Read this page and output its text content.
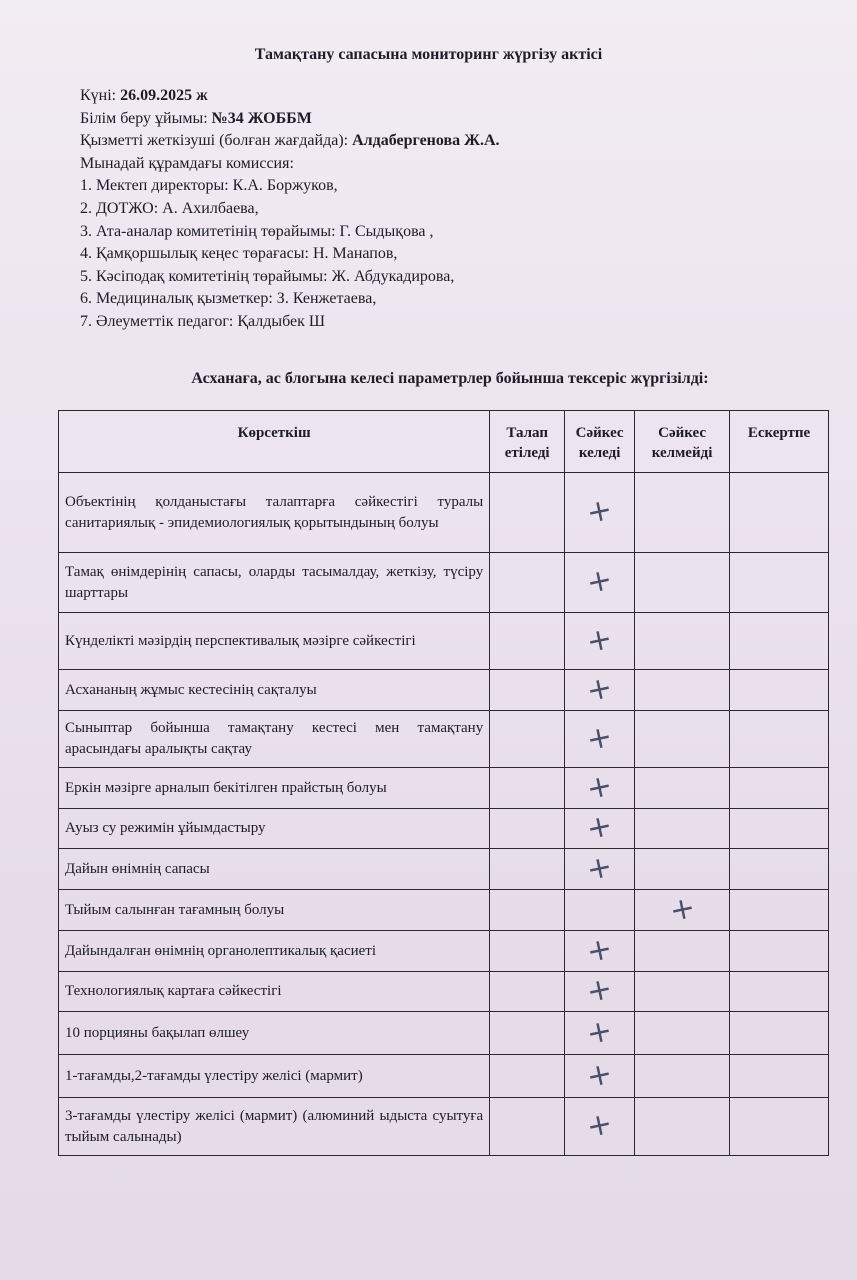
Тамақтану сапасына мониторинг жүргізу актісі
Күні: 26.09.2025 ж
Білім беру ұйымы: №34 ЖОББМ
Қызметті жеткізуші (болған жағдайда): Алдабергенова Ж.А.
Мынадай құрамдағы комиссия:
1. Мектеп директоры: К.А. Боржуков,
2. ДОТЖО: А. Ахилбаева,
3. Ата-аналар комитетінің төрайымы: Г. Сыдықова ,
4. Қамқоршылық кеңес төрағасы: Н. Манапов,
5. Кәсіподақ комитетінің төрайымы: Ж. Абдукадирова,
6. Медициналық қызметкер: З. Кенжетаева,
7. Әлеуметтік педагог: Қалдыбек Ш
Асханаға, ас блогына келесі параметрлер бойынша тексеріс жүргізілді:
Көрсеткіш	Талап етіледі	Сәйкес келеді	Сәйкес келмейді	Ескертпе
Объектінің қолданыстағы талаптарға сәйкестігі туралы санитариялық - эпидемиологиялық қорытындының болуы		+		
Тамақ өнімдерінің сапасы, оларды тасымалдау, жеткізу, түсіру шарттары		+		
Күнделікті мәзірдің перспективалық мәзірге сәйкестігі		+		
Асхананың жұмыс кестесінің сақталуы		+		
Сыныптар бойынша тамақтану кестесі мен тамақтану арасындағы аралықты сақтау		+		
Еркін мәзірге арналып бекітілген прайстың болуы		+		
Ауыз су режимін ұйымдастыру		+		
Дайын өнімнің сапасы		+		
Тыйым салынған тағамның болуы			+	
Дайындалған өнімнің органолептикалық қасиеті		+		
Технологиялық картаға сәйкестігі		+		
10 порцияны бақылап өлшеу		+		
1-тағамды,2-тағамды үлестіру желісі (мармит)		+		
3-тағамды үлестіру желісі (мармит) (алюминий ыдыста суытуға тыйым салынады)		+		
